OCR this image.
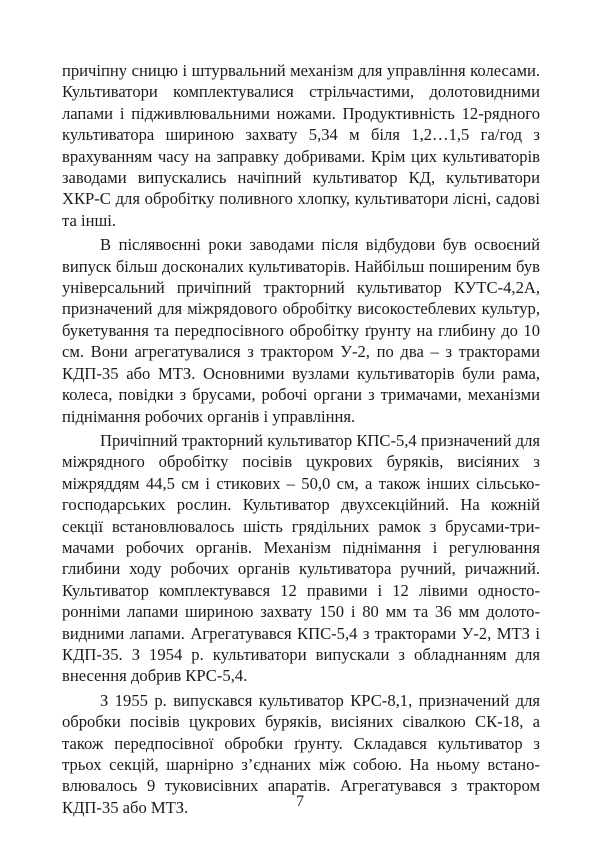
причіпну сницю і штурвальний механізм для управління колесами. Культиватори комплектувалися стрільчастими, долотовидними лапами і підживлювальними ножами. Продуктивність 12-рядного культиватора шириною захвату 5,34 м біля 1,2…1,5 га/год з врахуванням часу на заправку добривами. Крім цих культиваторів заводами випускались начіпний культиватор КД, культиватори ХКР-С для обробітку поливного хлопку, культиватори лісні, садові та інші.

В післявоєнні роки заводами після відбудови був освоєний випуск більш досконалих культиваторів. Найбільш поширеним був універсальний причіпний тракторний культиватор КУТС-4,2А, призначений для міжрядового обробітку високостеблевих культур, букетування та передпосівного обробітку ґрунту на глибину до 10 см. Вони агрегатувалися з трактором У-2, по два – з тракторами КДП-35 або МТЗ. Основними вузлами культиваторів були рама, колеса, повідки з брусами, робочі органи з тримачами, механізми піднімання робочих органів і управління.

Причіпний тракторний культиватор КПС-5,4 призначений для міжрядного обробітку посівів цукрових буряків, висіяних з міжряддям 44,5 см і стикових – 50,0 см, а також інших сільськогосподарських рослин. Культиватор двухсекційний. На кожній секції встановлювалось шість грядільних рамок з брусами-тримачами робочих органів. Механізм піднімання і регулювання глибини ходу робочих органів культиватора ручний, ричажний. Культиватор комплектувався 12 правими і 12 лівими односторонніми лапами шириною захвату 150 і 80 мм та 36 мм долотовидними лапами. Агрегатувався КПС-5,4 з тракторами У-2, МТЗ і КДП-35. З 1954 р. культиватори випускали з обладнанням для внесення добрив КРС-5,4.

З 1955 р. випускався культиватор КРС-8,1, призначений для обробки посівів цукрових буряків, висіяних сівалкою СК-18, а також передпосівної обробки ґрунту. Складався культиватор з трьох секцій, шарнірно з’єднаних між собою. На ньому встановлювалось 9 туковисівних апаратів. Агрегатувався з трактором КДП-35 або МТЗ.	7
